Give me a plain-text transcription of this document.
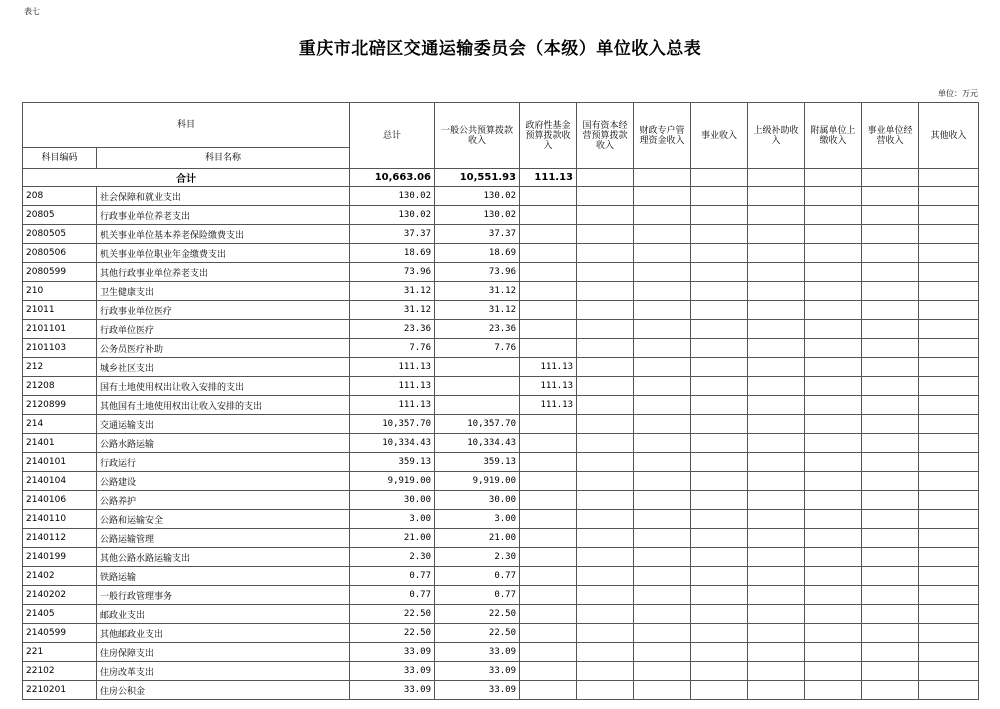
表七
重庆市北碚区交通运输委员会（本级）单位收入总表
单位：万元
科目		总计	一般公共预算拨款收入	政府性基金预算拨款收入	国有资本经营预算拨款收入	财政专户管理资金收入	事业收入	上级补助收入	附属单位上缴收入	事业单位经营收入	其他收入
科目编码	科目名称										
合计		10,663.06	10,551.93	111.13							
208	社会保障和就业支出	130.02	130.02								
20805	行政事业单位养老支出	130.02	130.02								
2080505	机关事业单位基本养老保险缴费支出	37.37	37.37								
2080506	机关事业单位职业年金缴费支出	18.69	18.69								
2080599	其他行政事业单位养老支出	73.96	73.96								
210	卫生健康支出	31.12	31.12								
21011	行政事业单位医疗	31.12	31.12								
2101101	行政单位医疗	23.36	23.36								
2101103	公务员医疗补助	7.76	7.76								
212	城乡社区支出	111.13		111.13							
21208	国有土地使用权出让收入安排的支出	111.13		111.13							
2120899	其他国有土地使用权出让收入安排的支出	111.13		111.13							
214	交通运输支出	10,357.70	10,357.70								
21401	公路水路运输	10,334.43	10,334.43								
2140101	行政运行	359.13	359.13								
2140104	公路建设	9,919.00	9,919.00								
2140106	公路养护	30.00	30.00								
2140110	公路和运输安全	3.00	3.00								
2140112	公路运输管理	21.00	21.00								
2140199	其他公路水路运输支出	2.30	2.30								
21402	铁路运输	0.77	0.77								
2140202	一般行政管理事务	0.77	0.77								
21405	邮政业支出	22.50	22.50								
2140599	其他邮政业支出	22.50	22.50								
221	住房保障支出	33.09	33.09								
22102	住房改革支出	33.09	33.09								
2210201	住房公积金	33.09	33.09								
